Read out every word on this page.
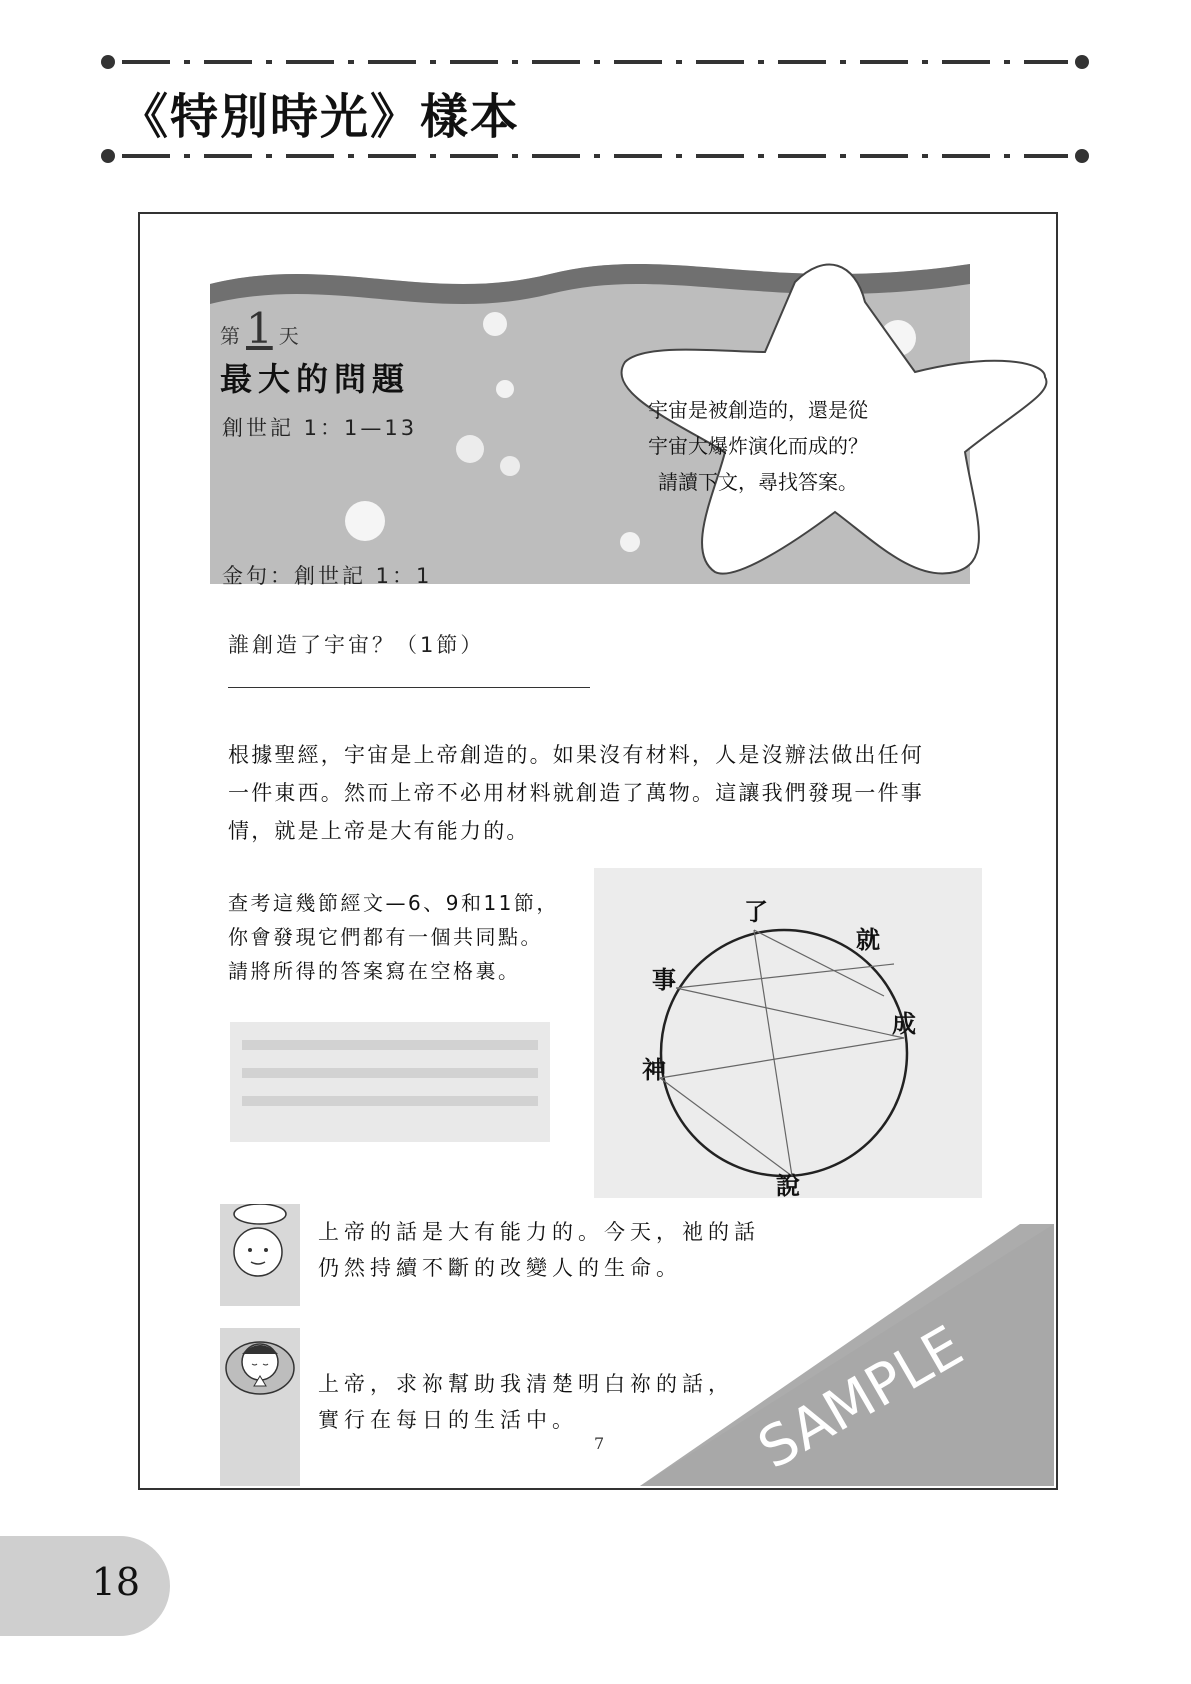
《特別時光》樣本
第 1 天
最大的問題
創世記 1：1—13
金句：創世記 1：1
宇宙是被創造的，還是從
宇宙大爆炸演化而成的？
請讀下文，尋找答案。
誰創造了宇宙？（1節）
根據聖經，宇宙是上帝創造的。如果沒有材料，人是沒辦法做出任何
一件東西。然而上帝不必用材料就創造了萬物。這讓我們發現一件事
情，就是上帝是大有能力的。
查考這幾節經文—6、9和11節，
你會發現它們都有一個共同點。
請將所得的答案寫在空格裏。
了
就
成
說
神
事
上帝的話是大有能力的。今天，祂的話
仍然持續不斷的改變人的生命。
上帝，求祢幫助我清楚明白祢的話，
實行在每日的生活中。
7	SAMPLE
18
